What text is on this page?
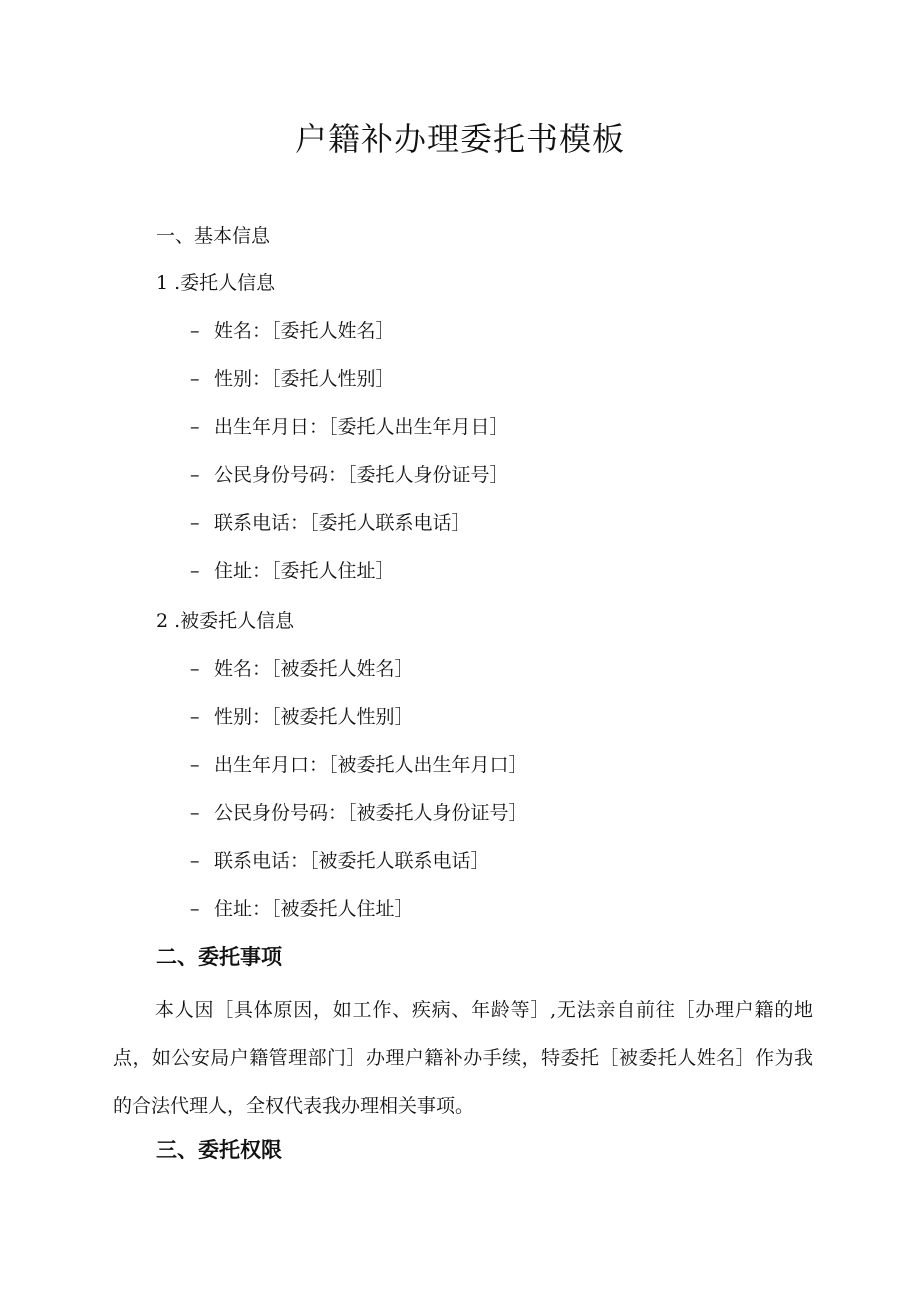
户籍补办理委托书模板
一、基本信息
1 .委托人信息
– 姓名：［委托人姓名］
– 性别：［委托人性别］
– 出生年月日：［委托人出生年月日］
– 公民身份号码：［委托人身份证号］
– 联系电话：［委托人联系电话］
– 住址：［委托人住址］
2 .被委托人信息
– 姓名：［被委托人姓名］
– 性别：［被委托人性别］
– 出生年月口：［被委托人出生年月口］
– 公民身份号码：［被委托人身份证号］
– 联系电话：［被委托人联系电话］
– 住址：［被委托人住址］
二、委托事项
本人因［具体原因，如工作、疾病、年龄等］,无法亲自前往［办理户籍的地点，如公安局户籍管理部门］办理户籍补办手续，特委托［被委托人姓名］作为我的合法代理人，全权代表我办理相关事项。
三、委托权限
